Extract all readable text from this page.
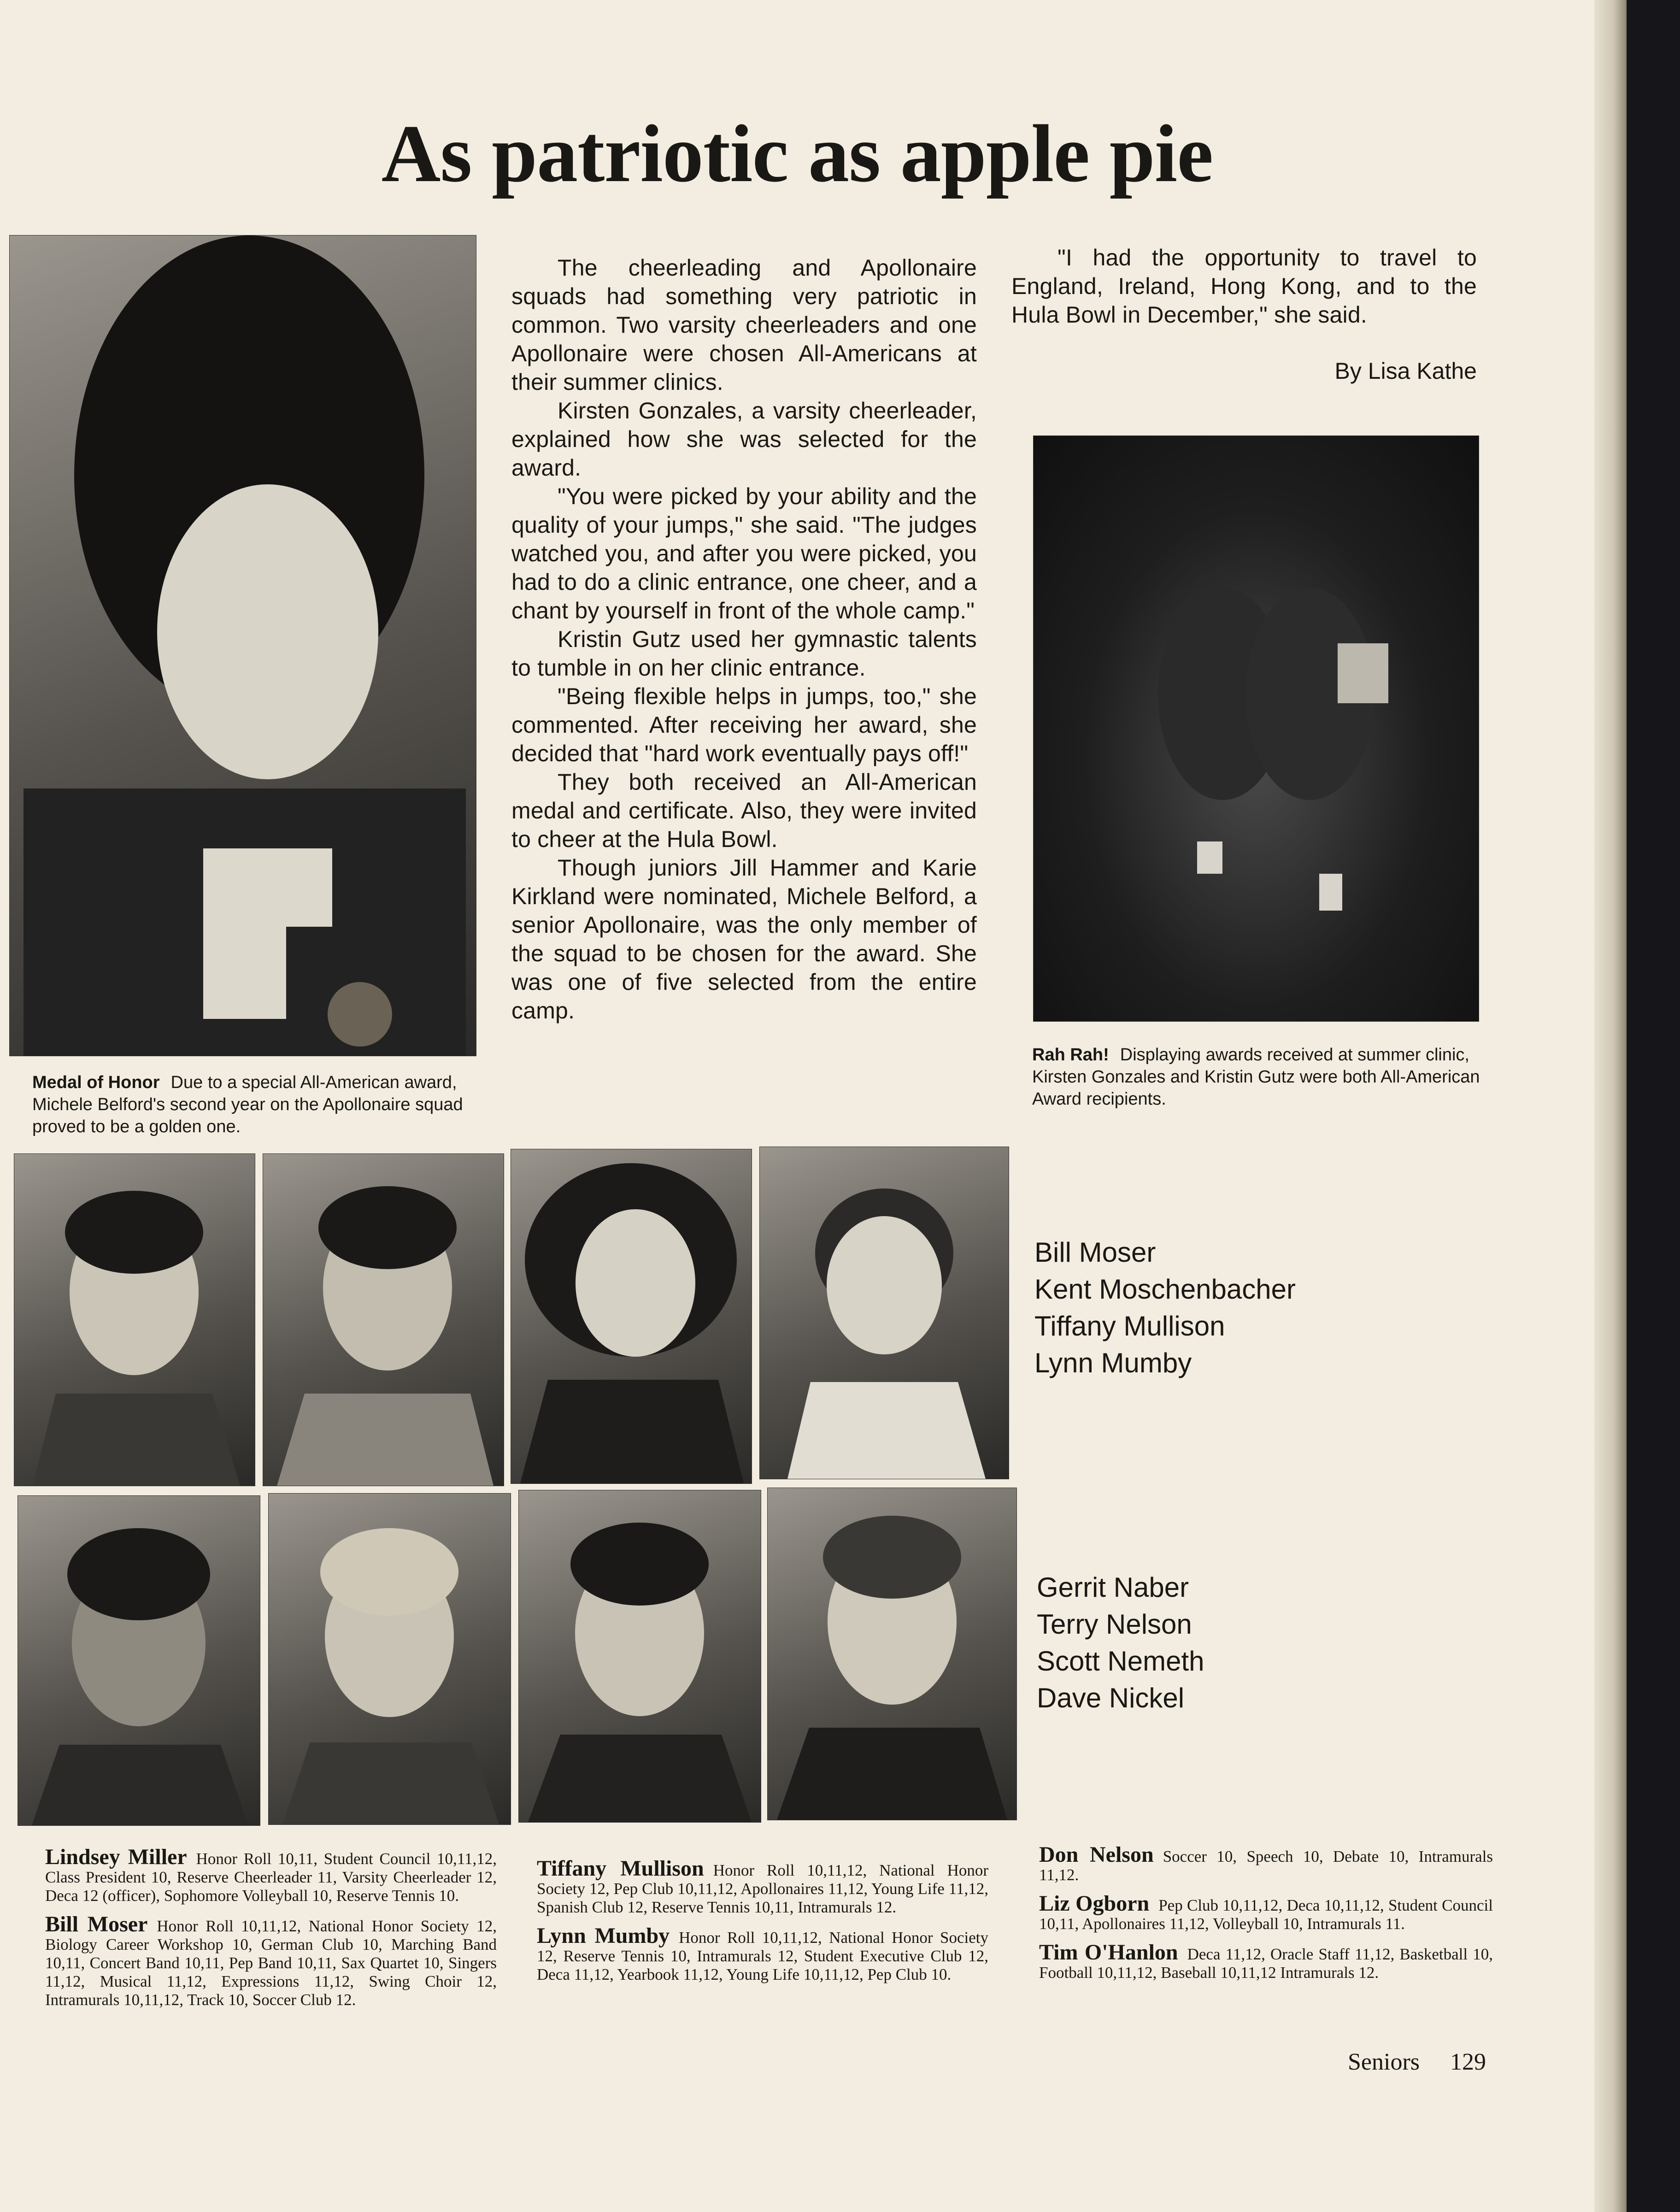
As patriotic as apple pie
Medal of Honor Due to a special All-American award, Michele Belford's second year on the Apollonaire squad proved to be a golden one.

The cheerleading and Apollonaire squads had something very patriotic in common. Two varsity cheerleaders and one Apollonaire were chosen All-Americans at their summer clinics.

Kirsten Gonzales, a varsity cheerleader, explained how she was selected for the award.

"You were picked by your ability and the quality of your jumps," she said. "The judges watched you, and after you were picked, you had to do a clinic entrance, one cheer, and a chant by yourself in front of the whole camp."

Kristin Gutz used her gymnastic talents to tumble in on her clinic entrance.

"Being flexible helps in jumps, too," she commented. After receiving her award, she decided that "hard work eventually pays off!"

They both received an All-American medal and certificate. Also, they were invited to cheer at the Hula Bowl.

Though juniors Jill Hammer and Karie Kirkland were nominated, Michele Belford, a senior Apollonaire, was the only member of the squad to be chosen for the award. She was one of five selected from the entire camp.

"I had the opportunity to travel to England, Ireland, Hong Kong, and to the Hula Bowl in December," she said.

By Lisa Kathe
Rah Rah! Displaying awards received at summer clinic, Kirsten Gonzales and Kristin Gutz were both All-American Award recipients.
Bill Moser
Kent Moschenbacher
Tiffany Mullison
Lynn Mumby
Gerrit Naber
Terry Nelson
Scott Nemeth
Dave Nickel
Lindsey Miller Honor Roll 10,11, Student Council 10,11,12, Class President 10, Reserve Cheerleader 11, Varsity Cheerleader 12, Deca 12 (officer), Sophomore Volleyball 10, Reserve Tennis 10.
Bill Moser Honor Roll 10,11,12, National Honor Society 12, Biology Career Workshop 10, German Club 10, Marching Band 10,11, Concert Band 10,11, Pep Band 10,11, Sax Quartet 10, Singers 11,12, Musical 11,12, Expressions 11,12, Swing Choir 12, Intramurals 10,11,12, Track 10, Soccer Club 12.
Tiffany Mullison Honor Roll 10,11,12, National Honor Society 12, Pep Club 10,11,12, Apollonaires 11,12, Young Life 11,12, Spanish Club 12, Reserve Tennis 10,11, Intramurals 12.
Lynn Mumby Honor Roll 10,11,12, National Honor Society 12, Reserve Tennis 10, Intramurals 12, Student Executive Club 12, Deca 11,12, Yearbook 11,12, Young Life 10,11,12, Pep Club 10.
Don Nelson Soccer 10, Speech 10, Debate 10, Intramurals 11,12.
Liz Ogborn Pep Club 10,11,12, Deca 10,11,12, Student Council 10,11, Apollonaires 11,12, Volleyball 10, Intramurals 11.
Tim O'Hanlon Deca 11,12, Oracle Staff 11,12, Basketball 10, Football 10,11,12, Baseball 10,11,12 Intramurals 12.
Seniors 129
